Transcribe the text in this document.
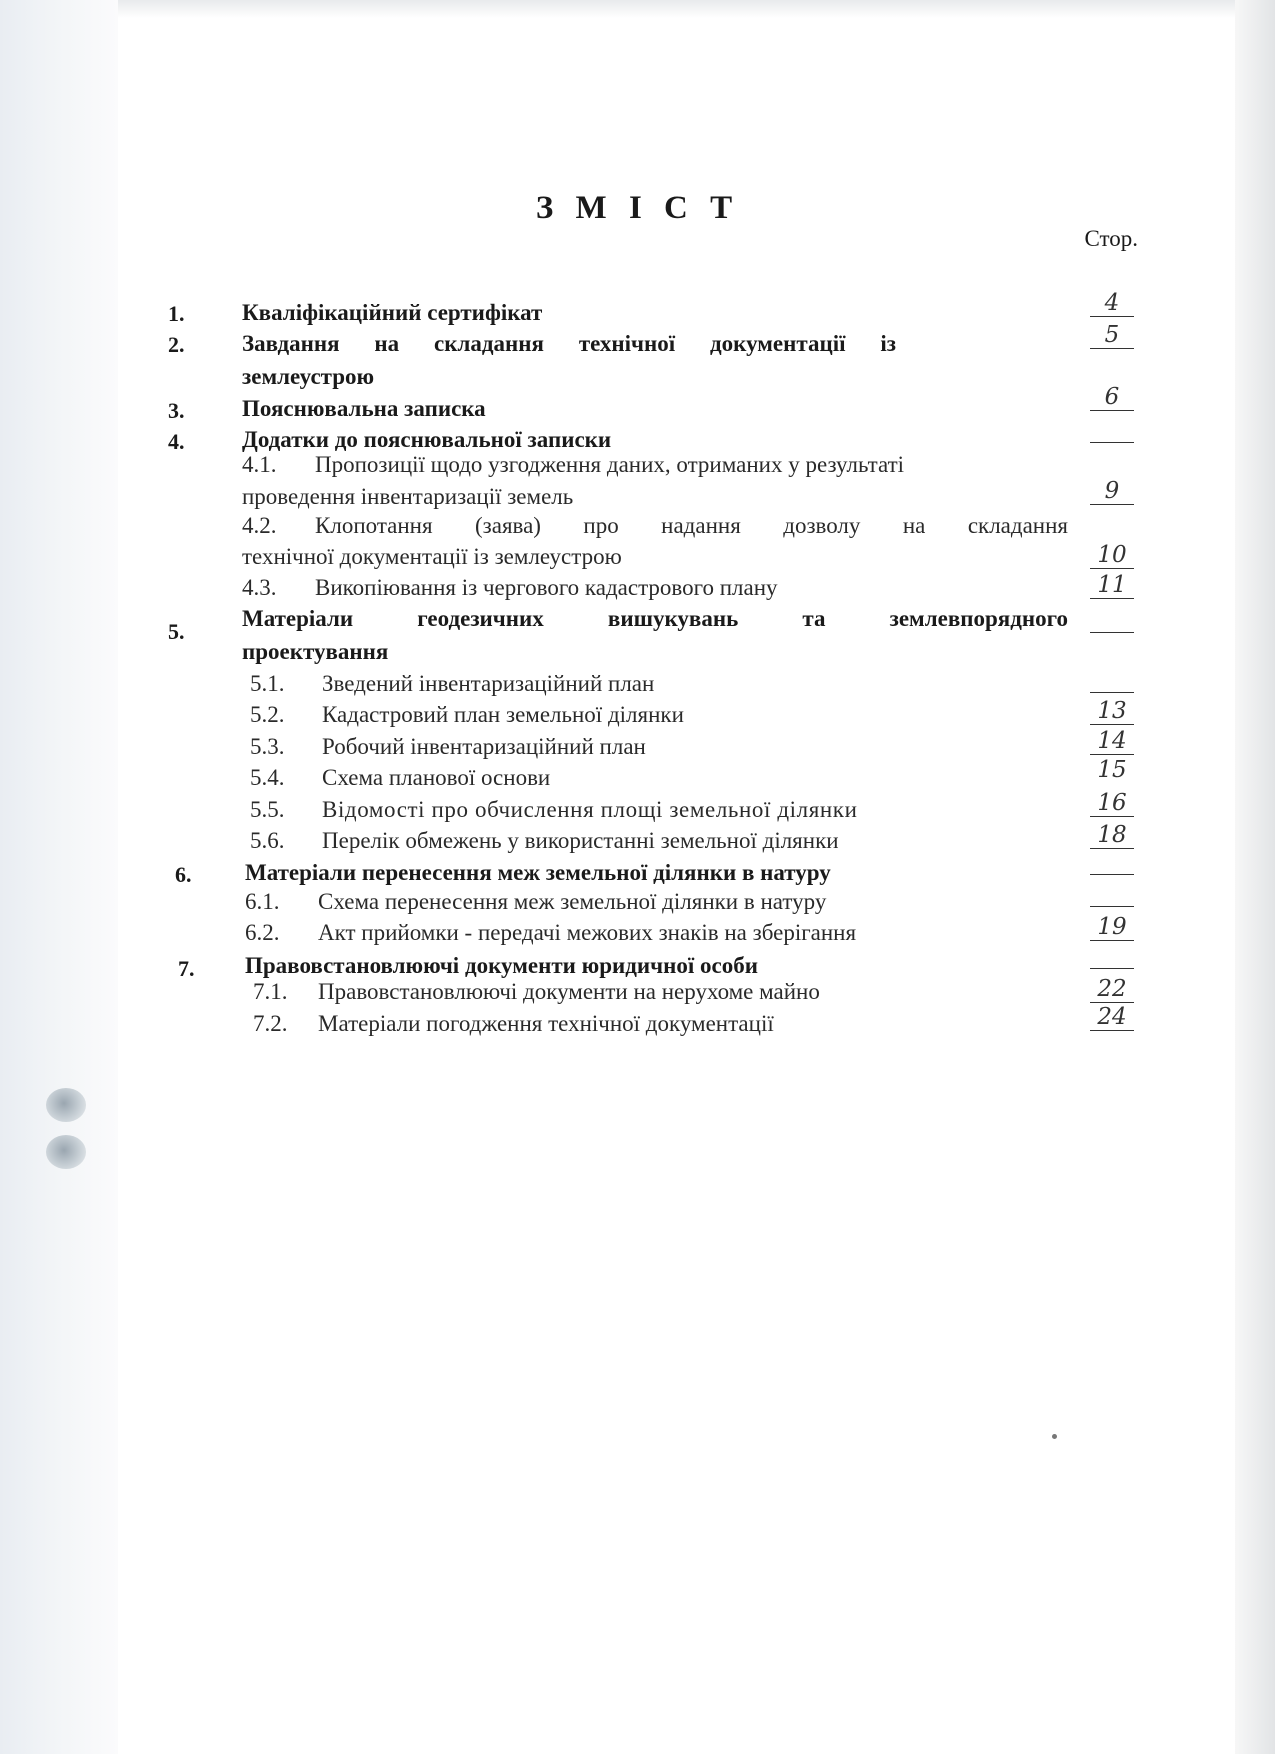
З М І С Т
Стор.
1.	Кваліфікаційний сертифікат	4
2.	Завдання на складання технічної документації із
землеустрою
5
3.	Пояснювальна записка	6
4.	Додатки до пояснювальної записки
4.1. Пропозиції щодо узгодження даних, отриманих у результаті
проведення інвентаризації земель	9
4.2. Клопотання (заява) про надання дозволу на складання
технічної документації із землеустрою	10
4.3. Викопіювання із чергового кадастрового плану	11
5.
Матеріали геодезичних вишукувань та землевпорядного
проектування
5.1. Зведений інвентаризаційний план
5.2. Кадастровий план земельної ділянки	13
5.3. Робочий інвентаризаційний план	14
5.4. Схема планової основи	15
5.5. Відомості про обчислення площі земельної ділянки	16
5.6. Перелік обмежень у використанні земельної ділянки	18
6. Матеріали перенесення меж земельної ділянки в натуру
6.1. Схема перенесення меж земельної ділянки в натуру
6.2. Акт прийомки - передачі межових знаків на зберігання	19
7. Правовстановлюючі документи юридичної особи
7.1. Правовстановлюючі документи на нерухоме майно	22
7.2. Матеріали погодження технічної документації	24
